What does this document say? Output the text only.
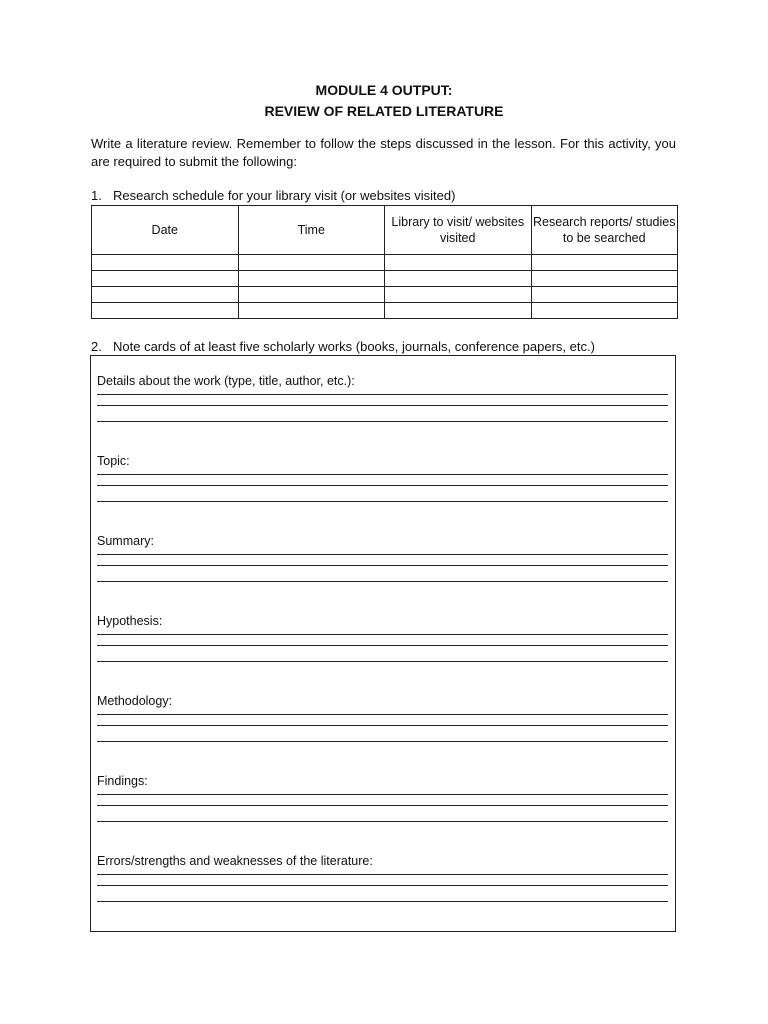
MODULE 4 OUTPUT:
REVIEW OF RELATED LITERATURE
Write a literature review. Remember to follow the steps discussed in the lesson. For this activity, you are required to submit the following:
1. Research schedule for your library visit (or websites visited)
Date	Time	Library to visit/ websites visited	Research reports/ studies to be searched

2. Note cards of at least five scholarly works (books, journals, conference papers, etc.)
Details about the work (type, title, author, etc.):
Topic:
Summary:
Hypothesis:
Methodology:
Findings:
Errors/strengths and weaknesses of the literature:
